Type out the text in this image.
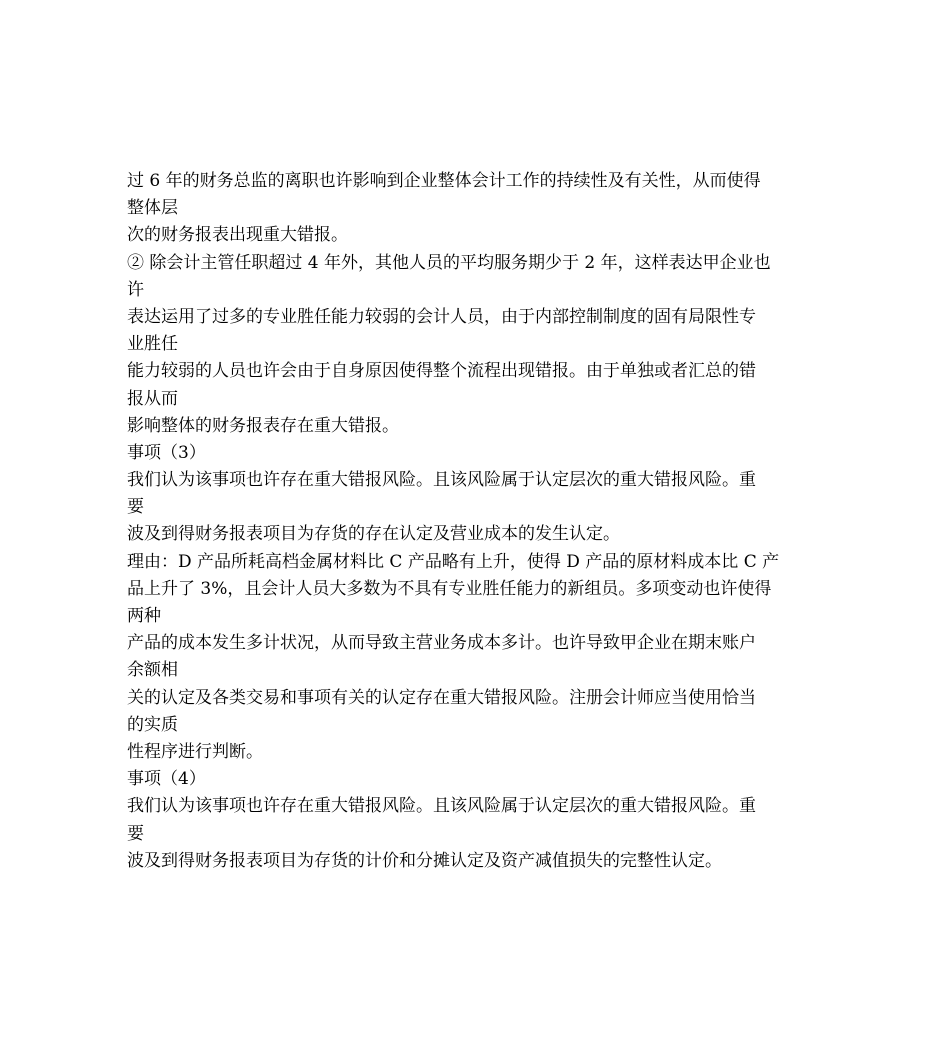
过 6 年的财务总监的离职也许影响到企业整体会计工作的持续性及有关性，从而使得
整体层
次的财务报表出现重大错报。
② 除会计主管任职超过 4 年外，其他人员的平均服务期少于 2 年，这样表达甲企业也
许
表达运用了过多的专业胜任能力较弱的会计人员，由于内部控制制度的固有局限性专
业胜任
能力较弱的人员也许会由于自身原因使得整个流程出现错报。由于单独或者汇总的错
报从而
影响整体的财务报表存在重大错报。
事项（3）
我们认为该事项也许存在重大错报风险。且该风险属于认定层次的重大错报风险。重
要
波及到得财务报表项目为存货的存在认定及营业成本的发生认定。
理由：D 产品所耗高档金属材料比 C 产品略有上升，使得 D 产品的原材料成本比 C 产
品上升了 3%，且会计人员大多数为不具有专业胜任能力的新组员。多项变动也许使得
两种
产品的成本发生多计状况，从而导致主营业务成本多计。也许导致甲企业在期末账户
余额相
关的认定及各类交易和事项有关的认定存在重大错报风险。注册会计师应当使用恰当
的实质
性程序进行判断。
事项（4）
我们认为该事项也许存在重大错报风险。且该风险属于认定层次的重大错报风险。重
要
波及到得财务报表项目为存货的计价和分摊认定及资产减值损失的完整性认定。
